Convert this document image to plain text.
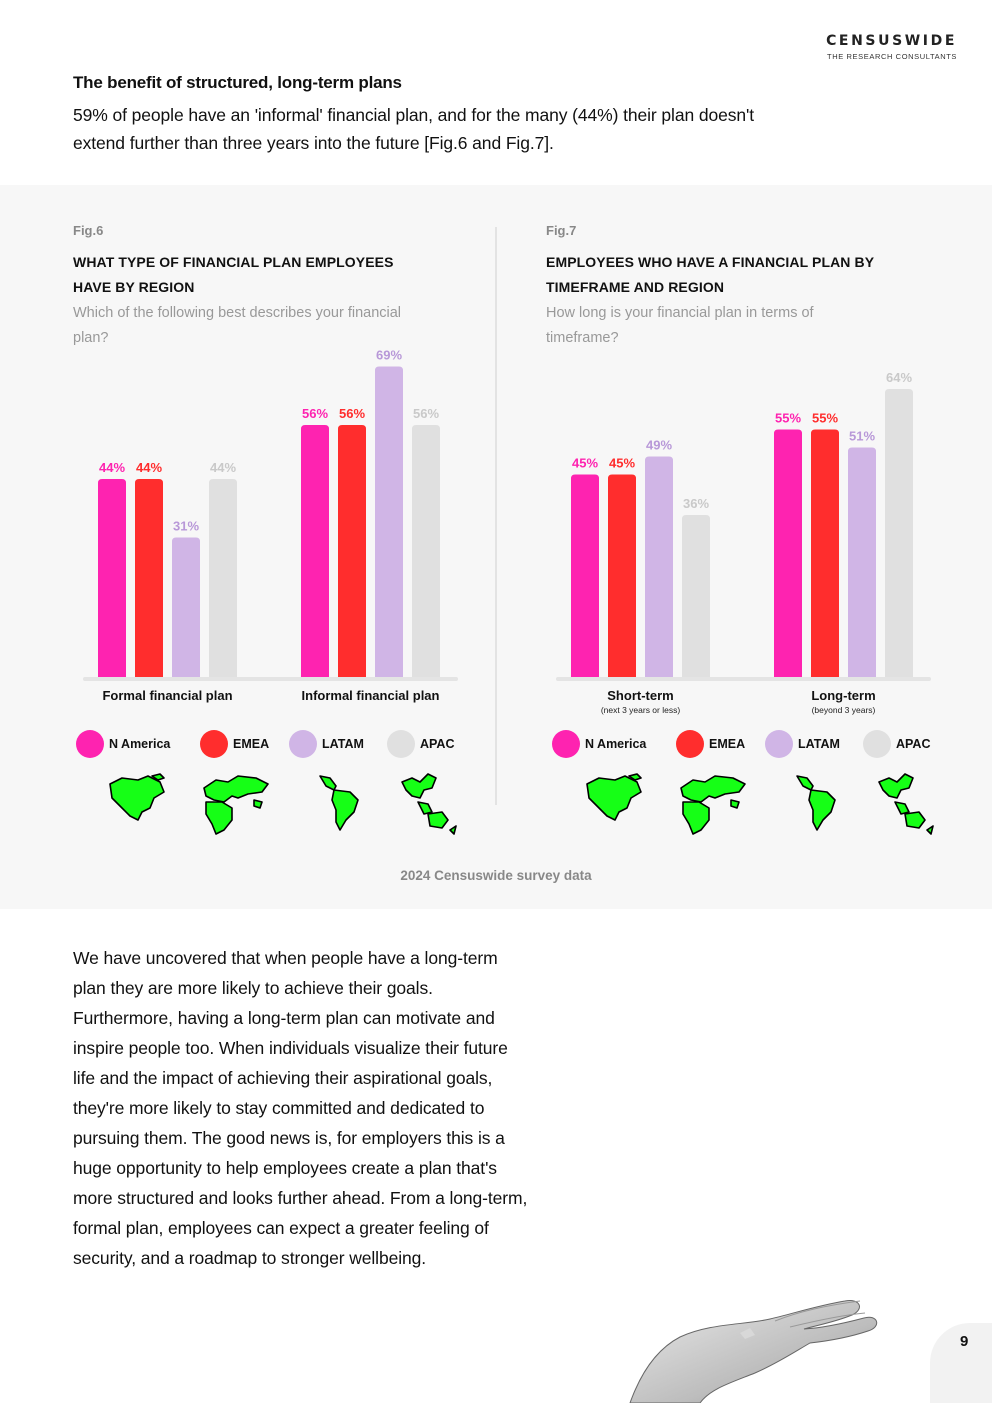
CENSUSWIDE
THE RESEARCH CONSULTANTS
The benefit of structured, long-term plans

59% of people have an 'informal' financial plan, and for the many (44%) their plan doesn't extend further than three years into the future [Fig.6 and Fig.7].

Fig.6
WHAT TYPE OF FINANCIAL PLAN EMPLOYEES HAVE BY REGION
Which of the following best describes your financial plan?
Fig.7
EMPLOYEES WHO HAVE A FINANCIAL PLAN BY TIMEFRAME AND REGION
How long is your financial plan in terms of timeframe?
44% 44%
31%
44%
Formal financial plan
56% 56%
69%
56%
Informal financial plan
45% 45%
49%
36%
Short-term
(next 3 years or less)
55% 55%
51%
64%
Long-term
(beyond 3 years)
N America	EMEA	LATAM	APAC	N America	EMEA	LATAM	APAC
2024 Censuswide survey data

We have uncovered that when people have a long-term plan they are more likely to achieve their goals. Furthermore, having a long-term plan can motivate and inspire people too. When individuals visualize their future life and the impact of achieving their aspirational goals, they're more likely to stay committed and dedicated to pursuing them. The good news is, for employers this is a huge opportunity to help employees create a plan that's more structured and looks further ahead. From a long-term, formal plan, employees can expect a greater feeling of security, and a roadmap to stronger wellbeing.

9
